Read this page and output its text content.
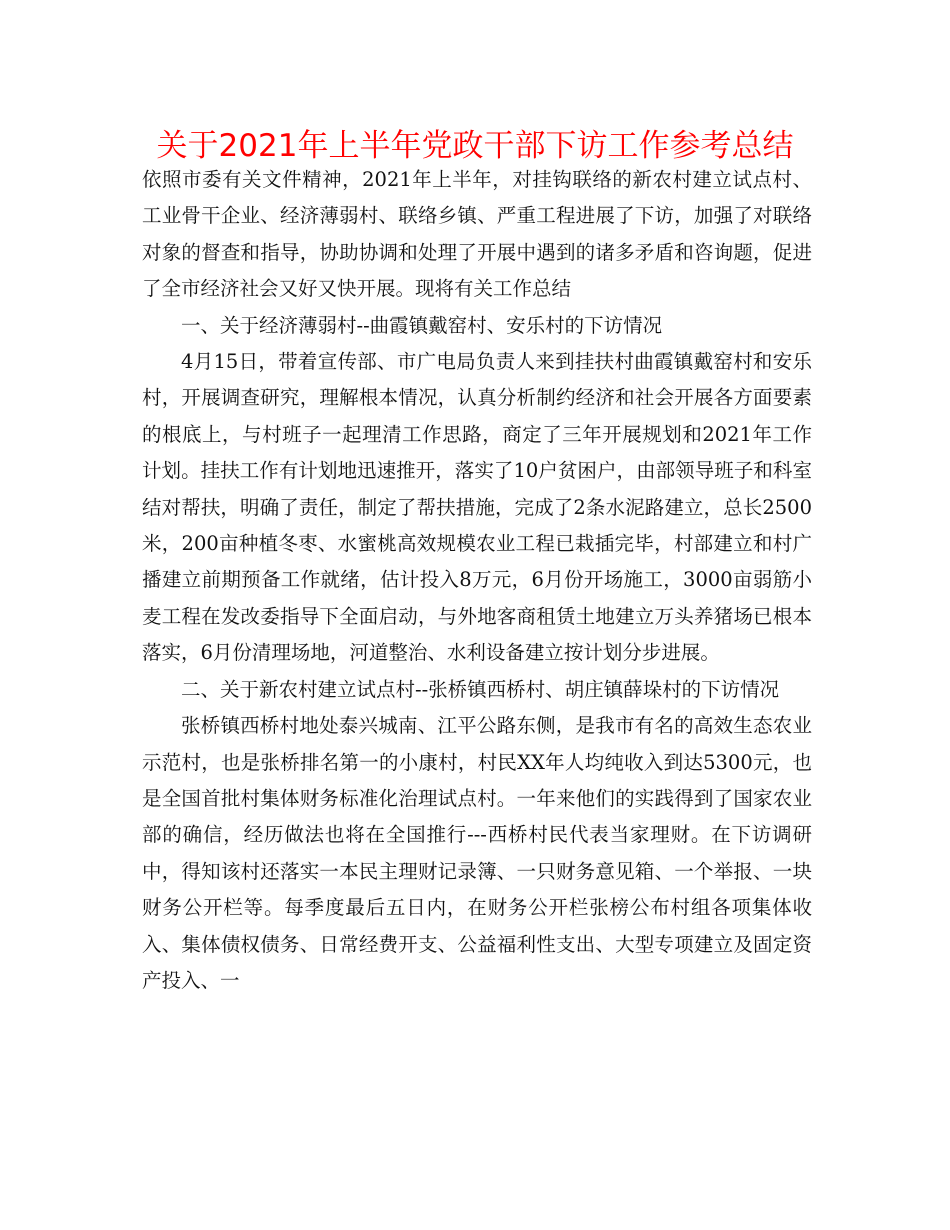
关于2021年上半年党政干部下访工作参考总结

依照市委有关文件精神，2021年上半年，对挂钩联络的新农村建立试点村、工业骨干企业、经济薄弱村、联络乡镇、严重工程进展了下访，加强了对联络对象的督查和指导，协助协调和处理了开展中遇到的诸多矛盾和咨询题，促进了全市经济社会又好又快开展。现将有关工作总结

一、关于经济薄弱村--曲霞镇戴窑村、安乐村的下访情况

4月15日，带着宣传部、市广电局负责人来到挂扶村曲霞镇戴窑村和安乐村，开展调查研究，理解根本情况，认真分析制约经济和社会开展各方面要素的根底上，与村班子一起理清工作思路，商定了三年开展规划和2021年工作计划。挂扶工作有计划地迅速推开，落实了10户贫困户，由部领导班子和科室结对帮扶，明确了责任，制定了帮扶措施，完成了2条水泥路建立，总长2500米，200亩种植冬枣、水蜜桃高效规模农业工程已栽插完毕，村部建立和村广播建立前期预备工作就绪，估计投入8万元，6月份开场施工，3000亩弱筋小麦工程在发改委指导下全面启动，与外地客商租赁土地建立万头养猪场已根本落实，6月份清理场地，河道整治、水利设备建立按计划分步进展。

二、关于新农村建立试点村--张桥镇西桥村、胡庄镇薛垛村的下访情况

张桥镇西桥村地处泰兴城南、江平公路东侧，是我市有名的高效生态农业示范村，也是张桥排名第一的小康村，村民XX年人均纯收入到达5300元，也是全国首批村集体财务标准化治理试点村。一年来他们的实践得到了国家农业部的确信，经历做法也将在全国推行---西桥村民代表当家理财。在下访调研中，得知该村还落实一本民主理财记录簿、一只财务意见箱、一个举报、一块财务公开栏等。每季度最后五日内，在财务公开栏张榜公布村组各项集体收入、集体债权债务、日常经费开支、公益福利性支出、大型专项建立及固定资产投入、一
